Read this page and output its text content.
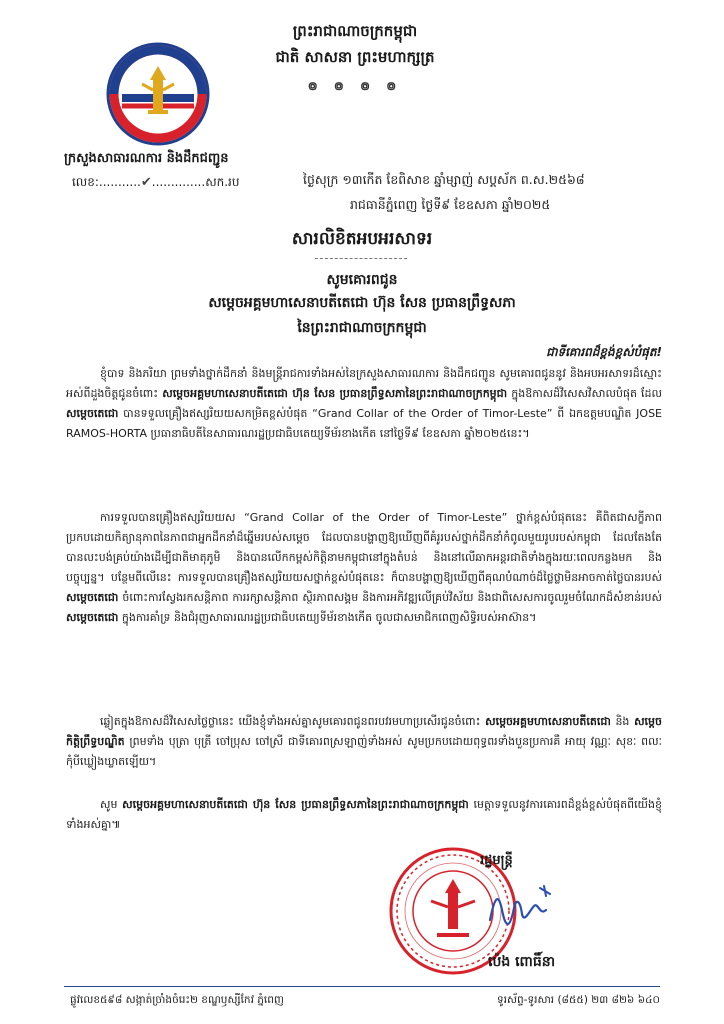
ព្រះរាជាណាចក្រកម្ពុជា
ជាតិ សាសនា ព្រះមហាក្សត្រ
៙ ៙ ៙ ៙
ក្រសួងសាធារណការ និងដឹកជញ្ជូន
លេខ:...........✔..............សក.រប	ថ្ងៃសុក្រ ១៣កើត ខែពិសាខ ឆ្នាំម្សាញ់ សប្តស័ក ព.ស.២៥៦៨
រាជធានីភ្នំពេញ ថ្ងៃទី៩ ខែឧសភា ឆ្នាំ២០២៥
សារលិខិតអបអរសាទរ
សូមគោរពជូន
សម្តេចអគ្គមហាសេនាបតីតេជោ ហ៊ុន សែន ប្រធានព្រឹទ្ធសភា
នៃព្រះរាជាណាចក្រកម្ពុជា
ជាទីគោរពដ៏ខ្ពង់ខ្ពស់បំផុត!

ខ្ញុំបាទ និងភរិយា ព្រមទាំងថ្នាក់ដឹកនាំ និងមន្ត្រីរាជការទាំងអស់នៃក្រសួងសាធារណការ និងដឹកជញ្ជូន សូមគោរពជូននូវ និងអបអរសាទរដ៏ស្មោះអស់ពីដួងចិត្តជូនចំពោះ សម្តេចអគ្គមហាសេនាបតីតេជោ ហ៊ុន សែន ប្រធានព្រឹទ្ធសភានៃព្រះរាជាណាចក្រកម្ពុជា ក្នុងឱកាសដ៏វិសេសវិសាលបំផុត ដែល សម្តេចតេជោ បានទទួលគ្រឿងឥស្សរិយយសកម្រិតខ្ពស់បំផុត “Grand Collar of the Order of Timor-Leste” ពី ឯកឧត្តមបណ្ឌិត JOSE RAMOS-HORTA ប្រធានាធិបតីនៃសាធារណរដ្ឋប្រជាធិបតេយ្យទីម័រខាងកើត នៅថ្ងៃទី៩ ខែឧសភា ឆ្នាំ២០២៥នេះ។

ការទទួលបានគ្រឿងឥស្សរិយយស “Grand Collar of the Order of Timor-Leste” ថ្នាក់ខ្ពស់បំផុតនេះ គឺពិតជាសក្ខីភាពប្រកបដោយកិត្យានុភាពនៃភាពជាអ្នកដឹកនាំដ៏ឆ្នើមរបស់សម្តេច ដែលបានបង្ហាញឱ្យឃើញពីគំរូរបស់ថ្នាក់ដឹកនាំកំពូលមួយរូបរបស់កម្ពុជា ដែលតែងតែបានលះបង់គ្រប់យ៉ាងដើម្បីជាតិមាតុភូមិ និងបានលើកកម្ពស់កិត្តិនាមកម្ពុជានៅក្នុងតំបន់ និងនៅលើឆាកអន្តរជាតិទាំងក្នុងរយៈពេលកន្លងមក និងបច្ចុប្បន្ន។ បន្ថែមពីលើនេះ ការទទួលបានគ្រឿងឥស្សរិយយសថ្នាក់ខ្ពស់បំផុតនេះ ក៏បានបង្ហាញឱ្យឃើញពីគុណបំណាច់ដ៏ថ្លៃថ្លាមិនអាចកាត់ថ្លៃបានរបស់ សម្តេចតេជោ ចំពោះការស្វែងរកសន្តិភាព ការរក្សាសន្តិភាព ស្ថិរភាពសង្គម និងការអភិវឌ្ឍលើគ្រប់វិស័យ និងជាពិសេសការចូលរួមចំណែកដ៏សំខាន់របស់ សម្តេចតេជោ ក្នុងការគាំទ្រ និងជំរុញសាធារណរដ្ឋប្រជាធិបតេយ្យទីម័រខាងកើត ចូលជាសមាជិកពេញសិទ្ធិរបស់អាស៊ាន។

ឆ្លៀតក្នុងឱកាសដ៏វិសេសថ្លៃថ្លានេះ យើងខ្ញុំទាំងអស់គ្នាសូមគោរពជូនពរបវរមហាប្រសើរជូនចំពោះ សម្តេចអគ្គមហាសេនាបតីតេជោ និង សម្តេចកិត្តិព្រឹទ្ធបណ្ឌិត ព្រមទាំង បុត្រា បុត្រី ចៅប្រុស ចៅស្រី ជាទីគោរពស្រឡាញ់ទាំងអស់ សូមប្រកបដោយពុទ្ធពរទាំងបួនប្រការគឺ អាយុ វណ្ណៈ សុខៈ ពលៈ កុំបីឃ្លៀងឃ្លាតឡើយ។

សូម សម្តេចអគ្គមហាសេនាបតីតេជោ ហ៊ុន សែន ប្រធានព្រឹទ្ធសភានៃព្រះរាជាណាចក្រកម្ពុជា មេត្តាទទួលនូវការគោរពដ៏ខ្ពង់ខ្ពស់បំផុតពីយើងខ្ញុំទាំងអស់គ្នា៕

រដ្ឋមន្ត្រី
ប៉េង ពោធិ៍នា
ផ្លូវលេខ៥៩៨ សង្កាត់ច្រាំងចំរេះ២ ខណ្ឌឫស្សីកែវ ភ្នំពេញ	ទូរស័ព្ទ-ទូរសារ (៨៥៥) ២៣ ៨២៦ ៦៤០
